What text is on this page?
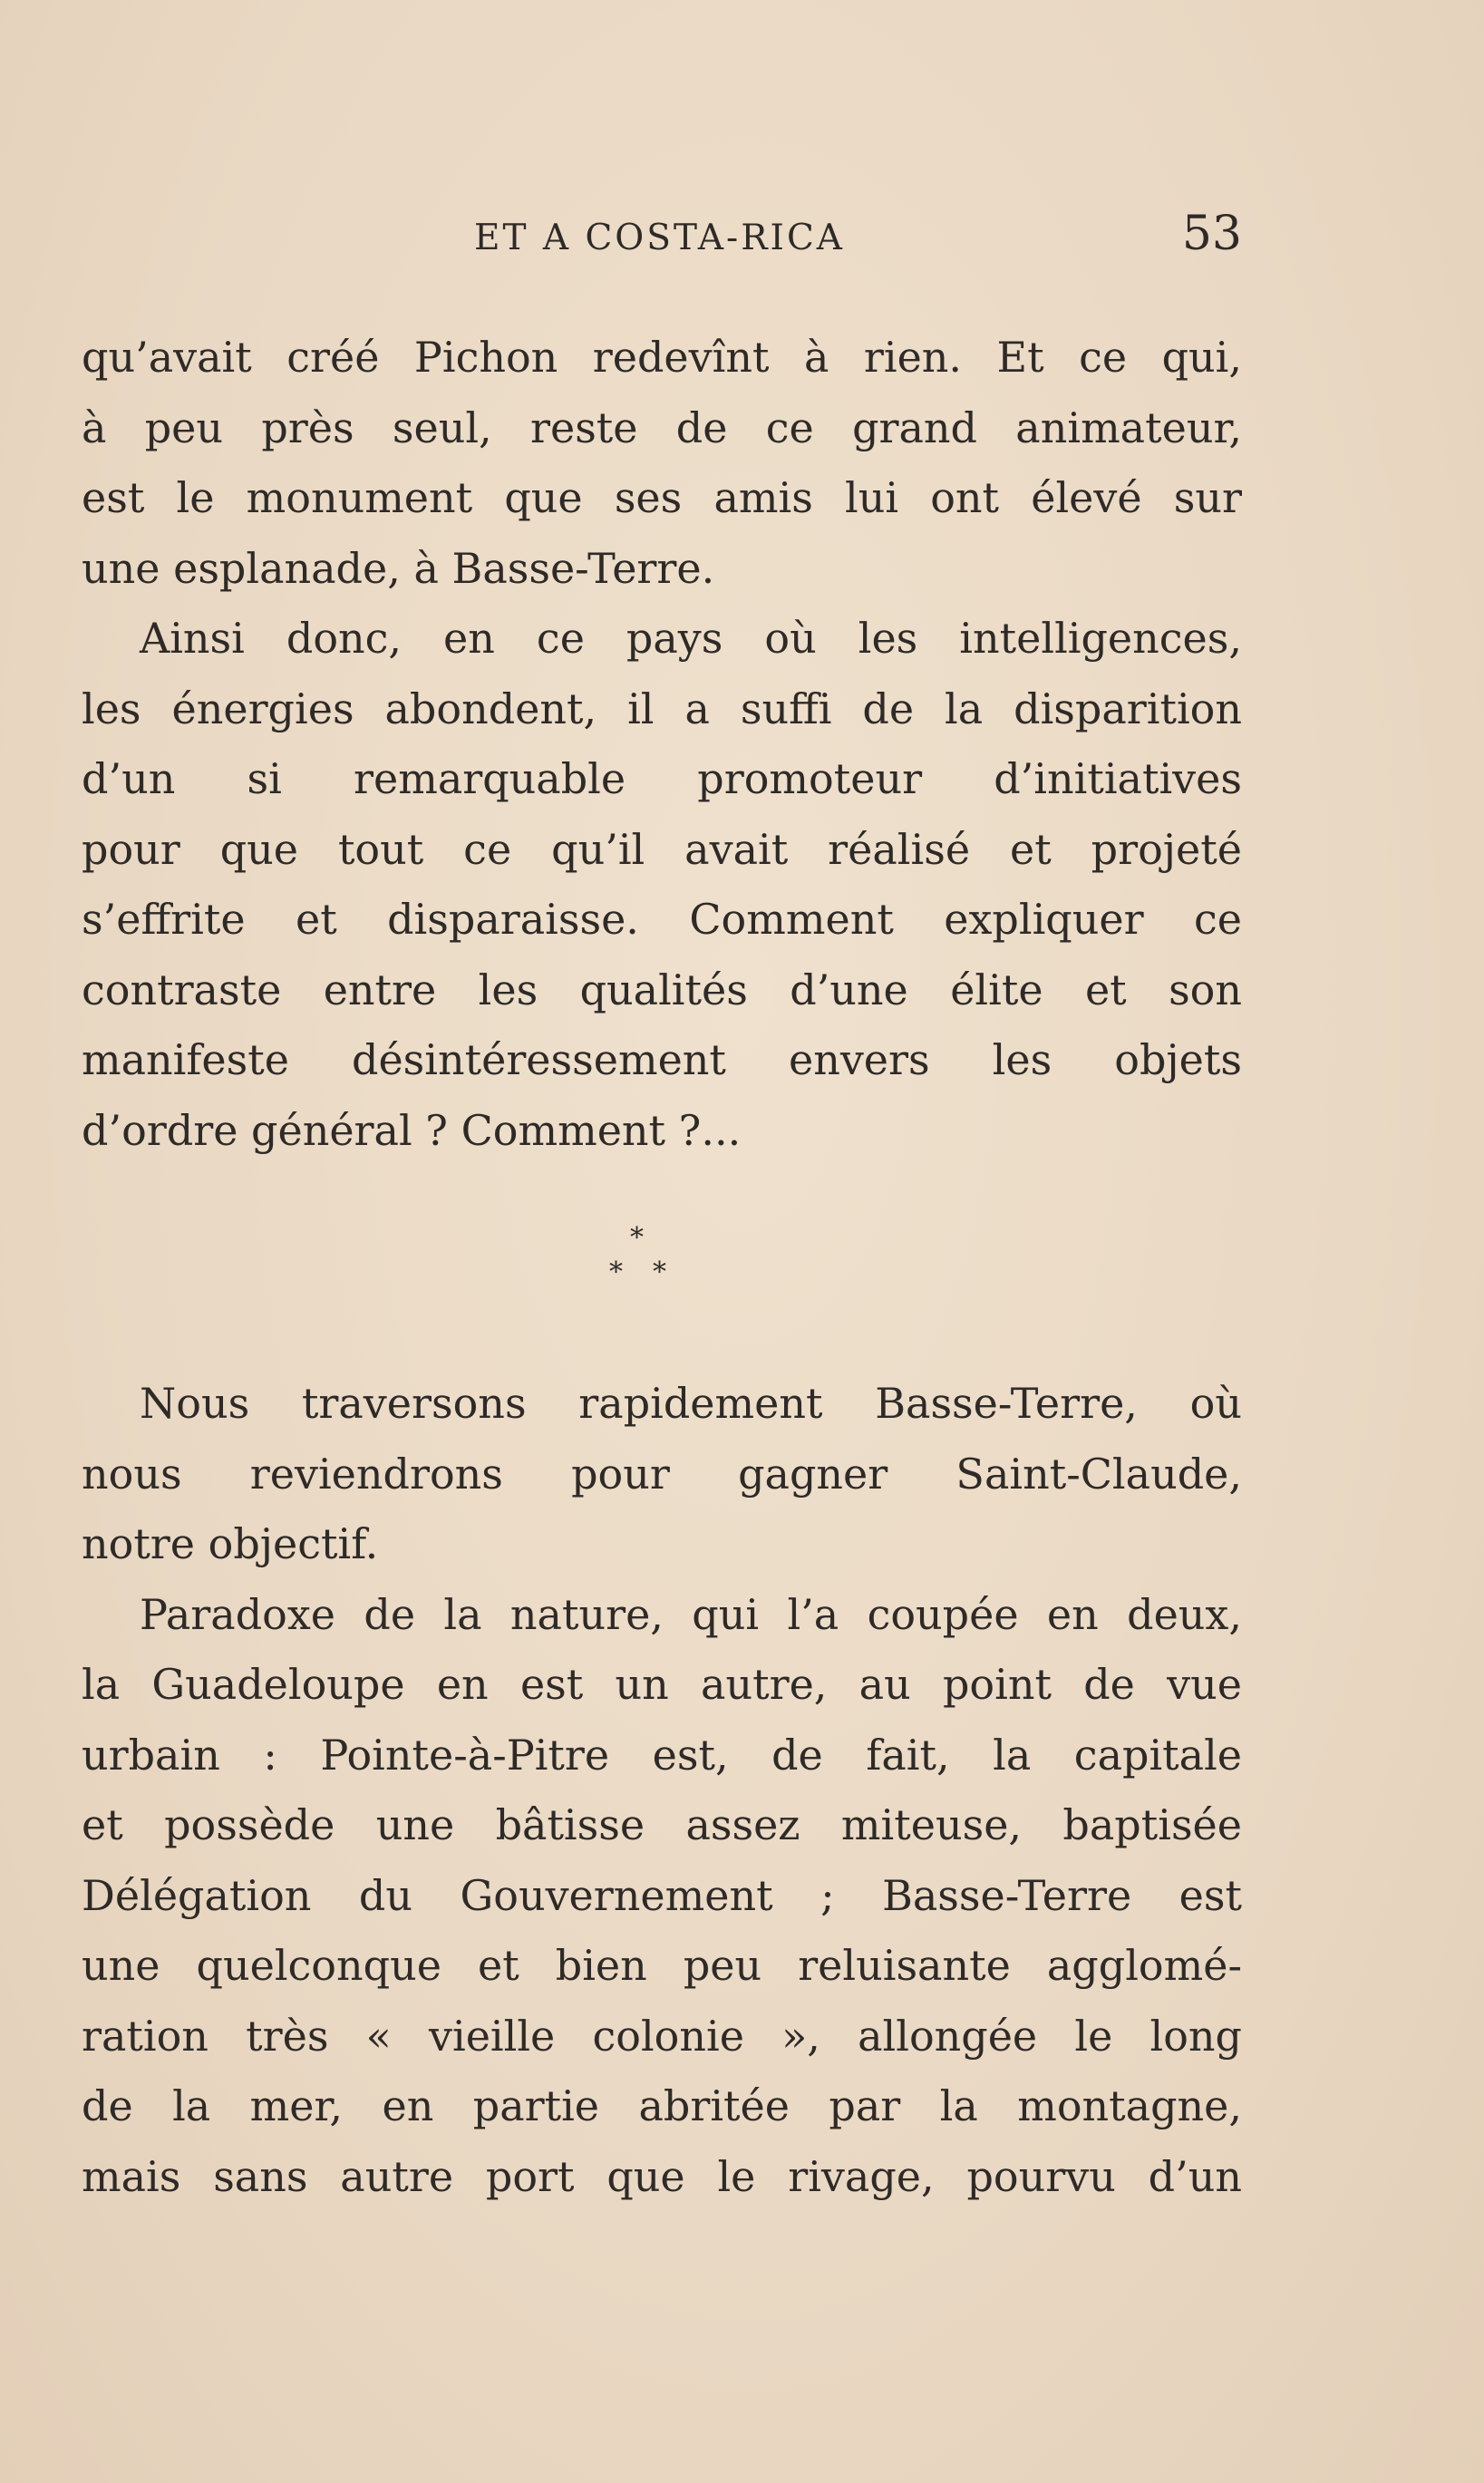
ET A COSTA-RICA	53
qu’avait créé Pichon redevînt à rien. Et ce qui,
à peu près seul, reste de ce grand animateur,
est le monument que ses amis lui ont élevé sur
une esplanade, à Basse-Terre.
Ainsi donc, en ce pays où les intelligences,
les énergies abondent, il a suffi de la disparition
d’un si remarquable promoteur d’initiatives
pour que tout ce qu’il avait réalisé et projeté
s’effrite et disparaisse. Comment expliquer ce
contraste entre les qualités d’une élite et son
manifeste désintéressement envers les objets
d’ordre général ? Comment ?...
*
* *
Nous traversons rapidement Basse-Terre, où
nous reviendrons pour gagner Saint-Claude,
notre objectif.
Paradoxe de la nature, qui l’a coupée en deux,
la Guadeloupe en est un autre, au point de vue
urbain : Pointe-à-Pitre est, de fait, la capitale
et possède une bâtisse assez miteuse, baptisée
Délégation du Gouvernement ; Basse-Terre est
une quelconque et bien peu reluisante agglomé-
ration très « vieille colonie », allongée le long
de la mer, en partie abritée par la montagne,
mais sans autre port que le rivage, pourvu d’un
